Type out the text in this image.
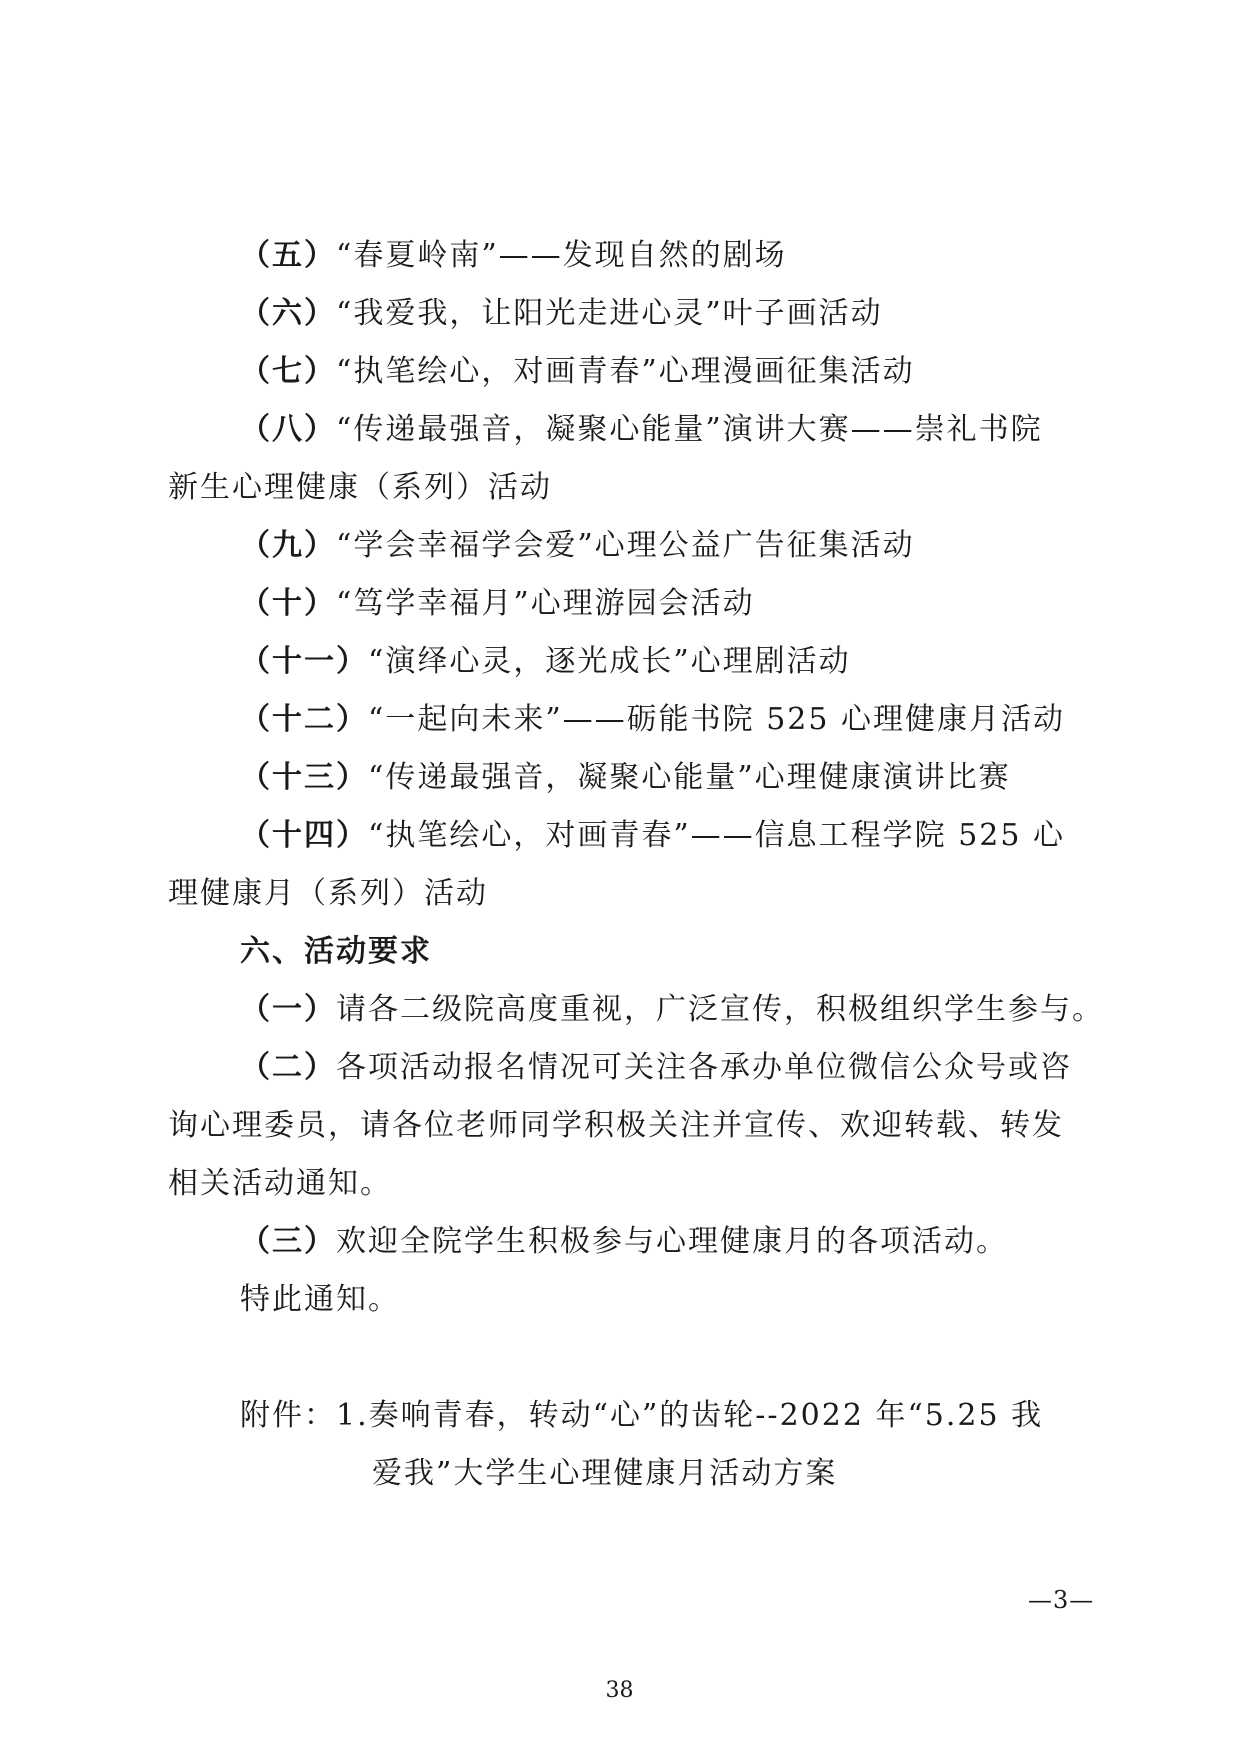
（五）“春夏岭南”——发现自然的剧场
（六）“我爱我，让阳光走进心灵”叶子画活动
（七）“执笔绘心，对画青春”心理漫画征集活动
（八）“传递最强音，凝聚心能量”演讲大赛——崇礼书院
新生心理健康（系列）活动
（九）“学会幸福学会爱”心理公益广告征集活动
（十）“笃学幸福月”心理游园会活动
（十一）“演绎心灵，逐光成长”心理剧活动
（十二）“一起向未来”——砺能书院 525 心理健康月活动
（十三）“传递最强音，凝聚心能量”心理健康演讲比赛
（十四）“执笔绘心，对画青春”——信息工程学院 525 心
理健康月（系列）活动
六、活动要求
（一）请各二级院高度重视，广泛宣传，积极组织学生参与。
（二）各项活动报名情况可关注各承办单位微信公众号或咨
询心理委员，请各位老师同学积极关注并宣传、欢迎转载、转发
相关活动通知。
（三）欢迎全院学生积极参与心理健康月的各项活动。
特此通知。
附件：1.奏响青春，转动“心”的齿轮--2022 年“5.25 我
爱我”大学生心理健康月活动方案
—3—
38
